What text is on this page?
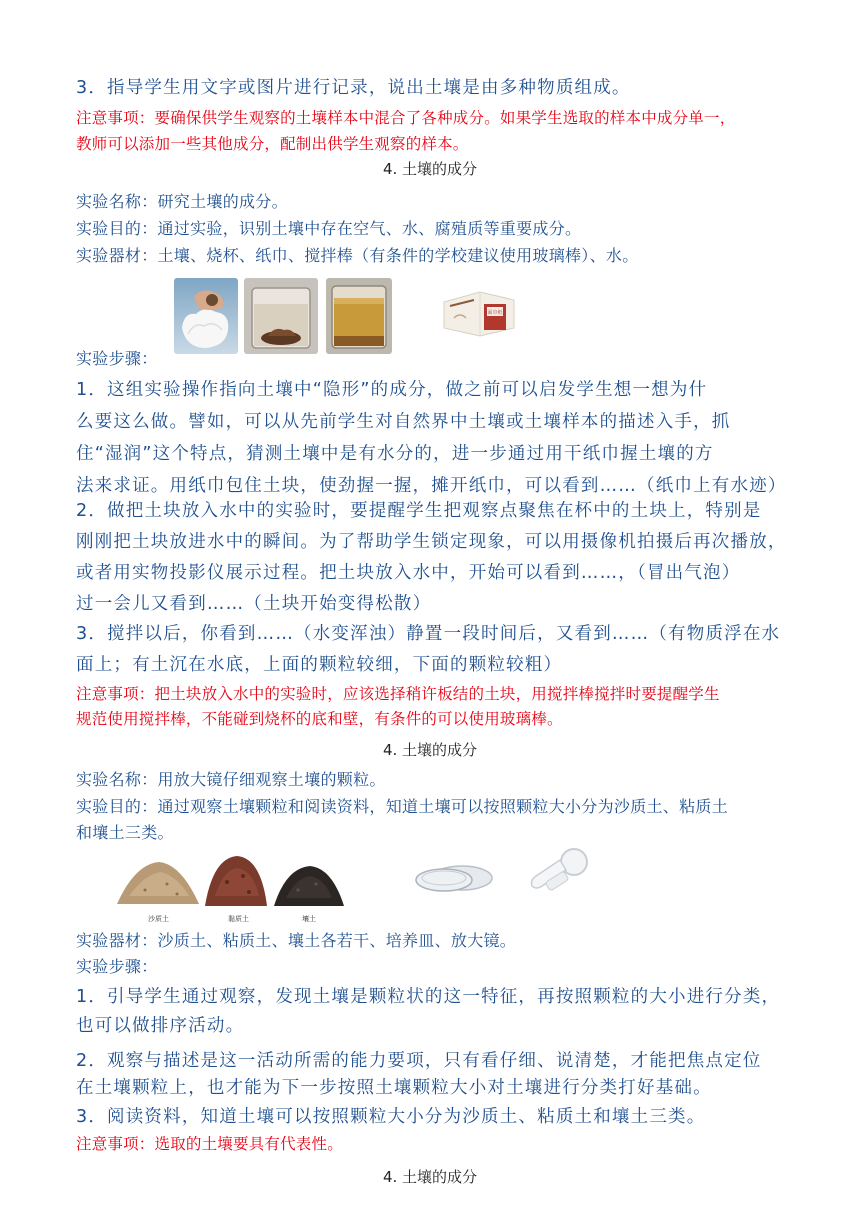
3．指导学生用文字或图片进行记录，说出土壤是由多种物质组成。
注意事项：要确保供学生观察的土壤样本中混合了各种成分。如果学生选取的样本中成分单一，
教师可以添加一些其他成分，配制出供学生观察的样本。
4. 土壤的成分
实验名称：研究土壤的成分。
实验目的：通过实验，识别土壤中存在空气、水、腐殖质等重要成分。
实验器材：土壤、烧杯、纸巾、搅拌棒（有条件的学校建议使用玻璃棒）、水。
面巾纸
实验步骤：
1．这组实验操作指向土壤中“隐形”的成分，做之前可以启发学生想一想为什
么要这么做。譬如，可以从先前学生对自然界中土壤或土壤样本的描述入手，抓
住“湿润”这个特点，猜测土壤中是有水分的，进一步通过用干纸巾握土壤的方
法来求证。用纸巾包住土块，使劲握一握，摊开纸巾，可以看到……（纸巾上有水迹）
2．做把土块放入水中的实验时，要提醒学生把观察点聚焦在杯中的土块上，特别是
刚刚把土块放进水中的瞬间。为了帮助学生锁定现象，可以用摄像机拍摄后再次播放，
或者用实物投影仪展示过程。把土块放入水中，开始可以看到……，（冒出气泡）
过一会儿又看到……（土块开始变得松散）
3．搅拌以后，你看到……（水变浑浊）静置一段时间后，又看到……（有物质浮在水
面上；有土沉在水底，上面的颗粒较细，下面的颗粒较粗）
注意事项：把土块放入水中的实验时，应该选择稍许板结的土块，用搅拌棒搅拌时要提醒学生
规范使用搅拌棒，不能碰到烧杯的底和壁，有条件的可以使用玻璃棒。
4. 土壤的成分
实验名称：用放大镜仔细观察土壤的颗粒。
实验目的：通过观察土壤颗粒和阅读资料，知道土壤可以按照颗粒大小分为沙质土、粘质土
和壤土三类。
沙质土	黏质土	壤土
实验器材：沙质土、粘质土、壤土各若干、培养皿、放大镜。
实验步骤：
1．引导学生通过观察，发现土壤是颗粒状的这一特征，再按照颗粒的大小进行分类，
也可以做排序活动。
2．观察与描述是这一活动所需的能力要项，只有看仔细、说清楚，才能把焦点定位
在土壤颗粒上，也才能为下一步按照土壤颗粒大小对土壤进行分类打好基础。
3．阅读资料，知道土壤可以按照颗粒大小分为沙质土、粘质土和壤土三类。
注意事项：选取的土壤要具有代表性。
4. 土壤的成分
